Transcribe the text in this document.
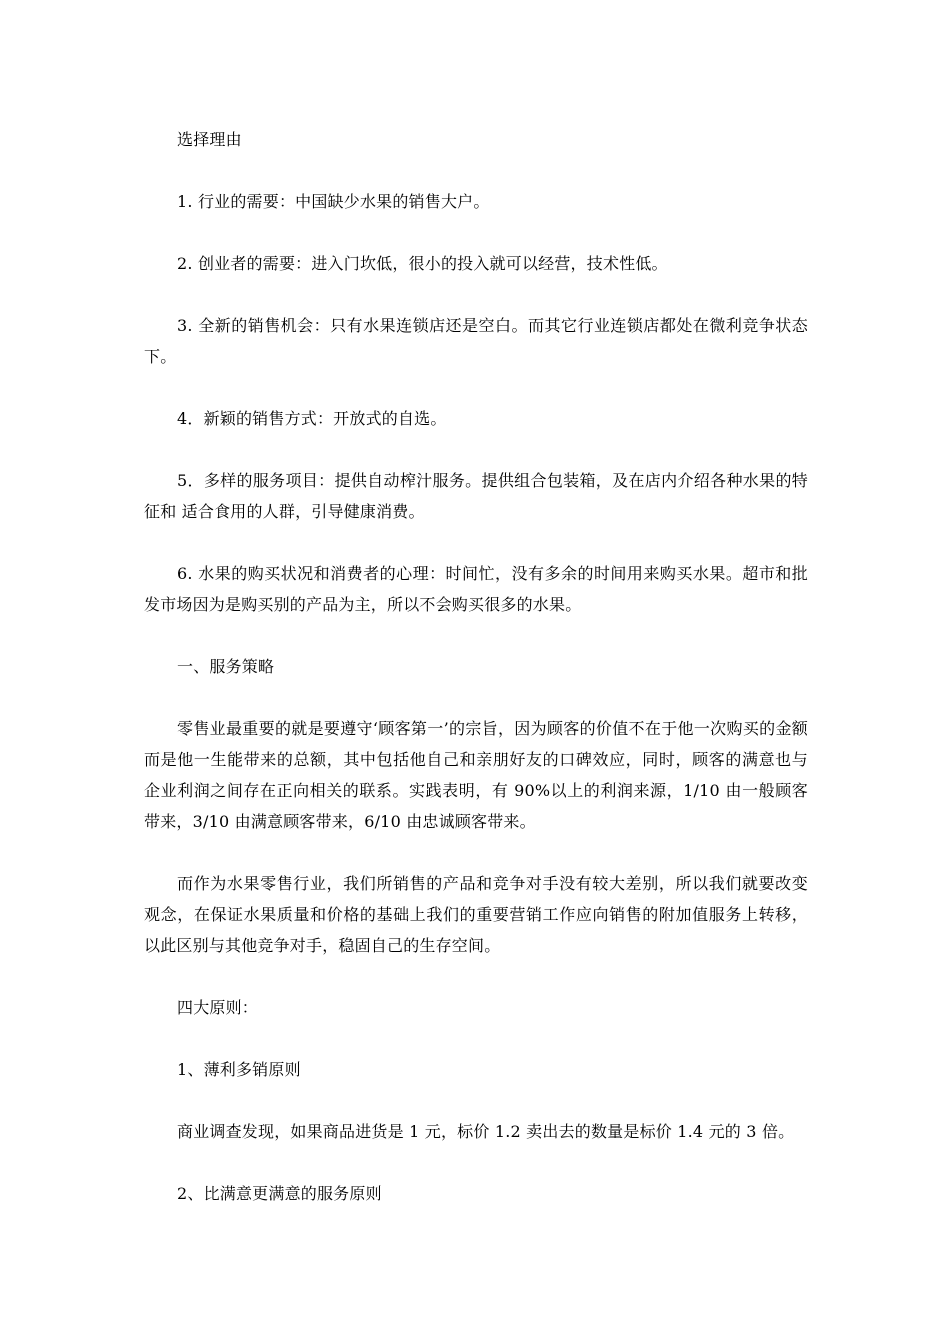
选择理由

1. 行业的需要：中国缺少水果的销售大户。

2. 创业者的需要：进入门坎低，很小的投入就可以经营，技术性低。

3. 全新的销售机会：只有水果连锁店还是空白。而其它行业连锁店都处在微利竞争状态下。

4．新颖的销售方式：开放式的自选。

5．多样的服务项目：提供自动榨汁服务。提供组合包装箱，及在店内介绍各种水果的特征和 适合食用的人群，引导健康消费。

6. 水果的购买状况和消费者的心理：时间忙，没有多余的时间用来购买水果。超市和批发市场因为是购买别的产品为主，所以不会购买很多的水果。

一、服务策略

零售业最重要的就是要遵守‘顾客第一’的宗旨，因为顾客的价值不在于他一次购买的金额而是他一生能带来的总额，其中包括他自己和亲朋好友的口碑效应，同时，顾客的满意也与企业利润之间存在正向相关的联系。实践表明，有 90%以上的利润来源，1/10 由一般顾客带来，3/10 由满意顾客带来，6/10 由忠诚顾客带来。

而作为水果零售行业，我们所销售的产品和竞争对手没有较大差别，所以我们就要改变观念，在保证水果质量和价格的基础上我们的重要营销工作应向销售的附加值服务上转移，以此区别与其他竞争对手，稳固自己的生存空间。

四大原则：

1、薄利多销原则

商业调查发现，如果商品进货是 1 元，标价 1.2 卖出去的数量是标价 1.4 元的 3 倍。

2、比满意更满意的服务原则
